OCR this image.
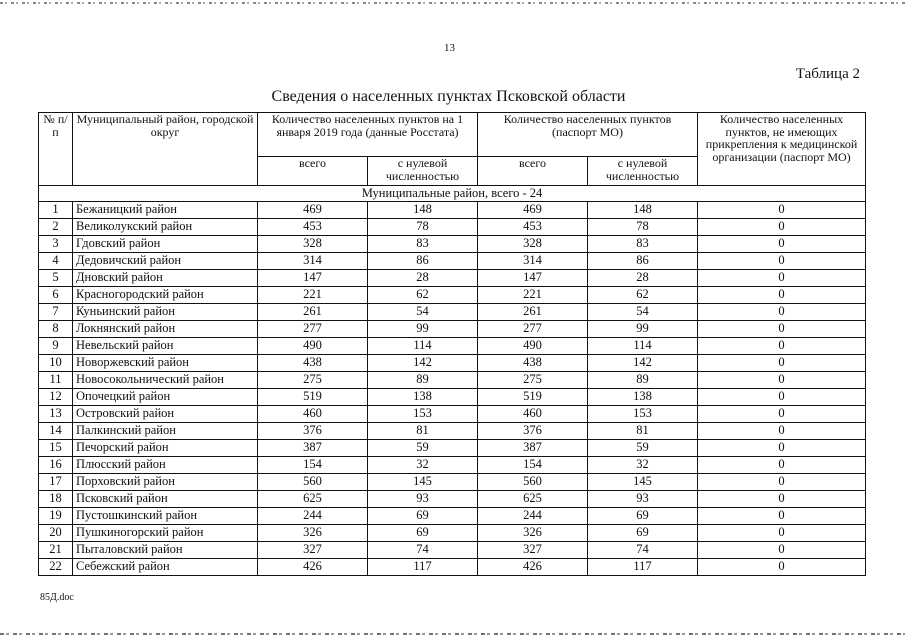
13
Таблица 2
Сведения о населенных пунктах Псковской области
№ п/п	Муниципальный район, городской округ	Количество населенных пунктов на 1 января 2019 года (данные Росстата)		Количество населенных пунктов (паспорт МО)		Количество населенных пунктов, не имеющих прикрепления к медицинской организации (паспорт МО)
		всего	с нулевой численностью	всего	с нулевой численностью	
Муниципальные район, всего - 24						
1	Бежаницкий район	469	148	469	148	0
2	Великолукский район	453	78	453	78	0
3	Гдовский район	328	83	328	83	0
4	Дедовичский район	314	86	314	86	0
5	Дновский район	147	28	147	28	0
6	Красногородский район	221	62	221	62	0
7	Куньинский район	261	54	261	54	0
8	Локнянский район	277	99	277	99	0
9	Невельский район	490	114	490	114	0
10	Новоржевский район	438	142	438	142	0
11	Новосокольнический район	275	89	275	89	0
12	Опочецкий район	519	138	519	138	0
13	Островский район	460	153	460	153	0
14	Палкинский район	376	81	376	81	0
15	Печорский район	387	59	387	59	0
16	Плюсский район	154	32	154	32	0
17	Порховский район	560	145	560	145	0
18	Псковский район	625	93	625	93	0
19	Пустошкинский район	244	69	244	69	0
20	Пушкиногорский район	326	69	326	69	0
21	Пыталовский район	327	74	327	74	0
22	Себежский район	426	117	426	117	0
85Д.doc
